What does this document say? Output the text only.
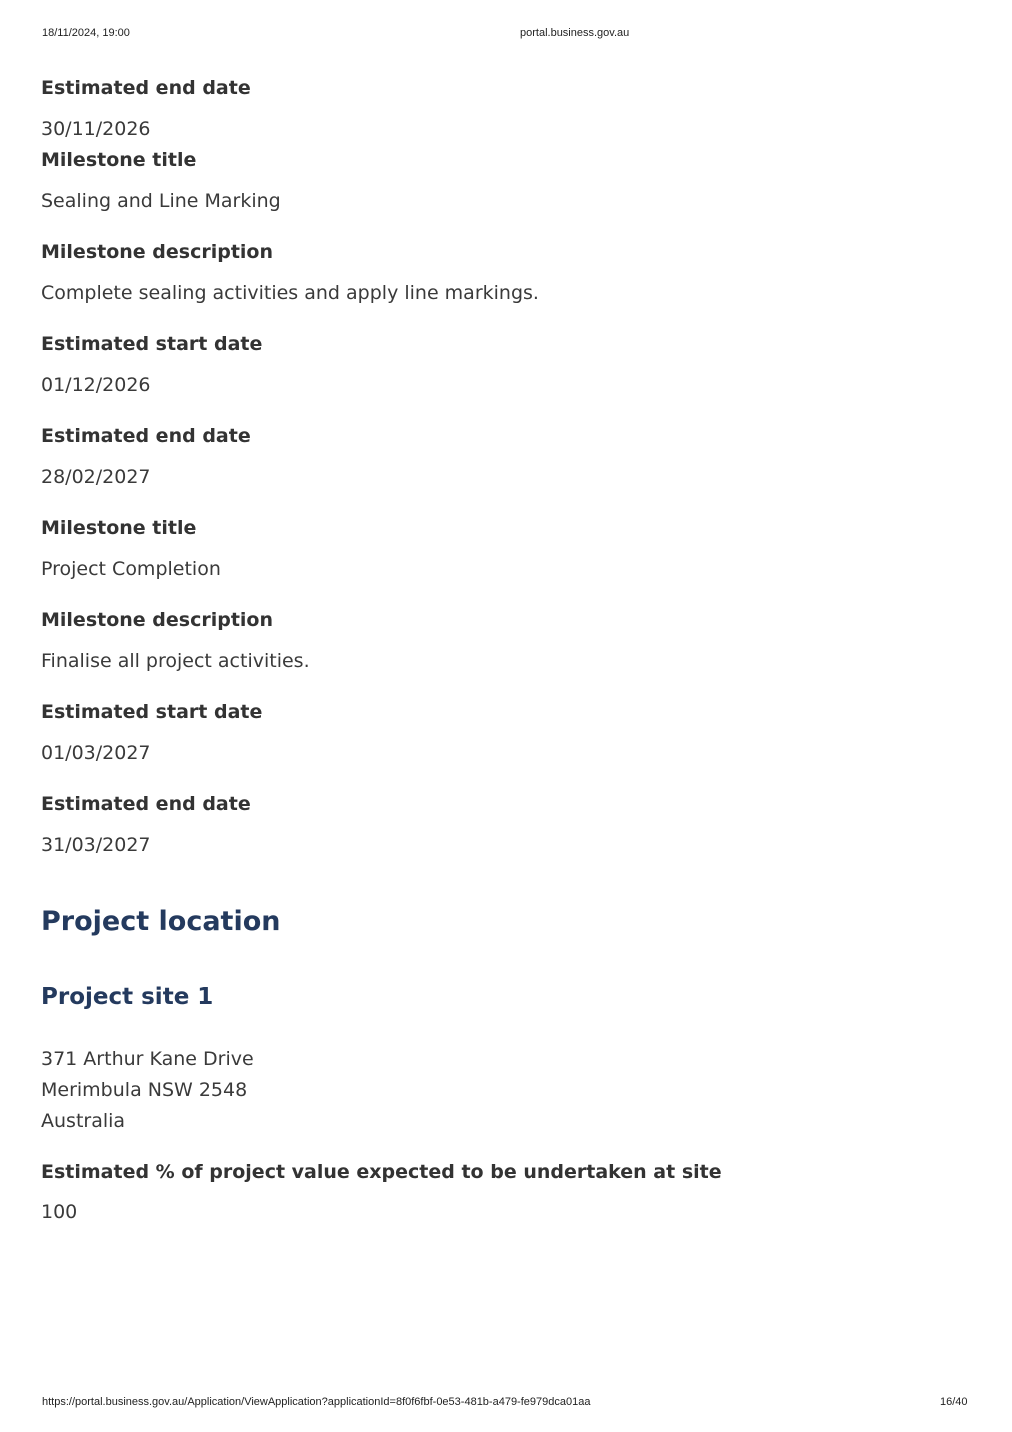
18/11/2024, 19:00	portal.business.gov.au
Estimated end date
30/11/2026
Milestone title
Sealing and Line Marking
Milestone description
Complete sealing activities and apply line markings.
Estimated start date
01/12/2026
Estimated end date
28/02/2027
Milestone title
Project Completion
Milestone description
Finalise all project activities.
Estimated start date
01/03/2027
Estimated end date
31/03/2027
Project location
Project site 1
371 Arthur Kane Drive
Merimbula NSW 2548
Australia
Estimated % of project value expected to be undertaken at site
100
https://portal.business.gov.au/Application/ViewApplication?applicationId=8f0f6fbf-0e53-481b-a479-fe979dca01aa	16/40
